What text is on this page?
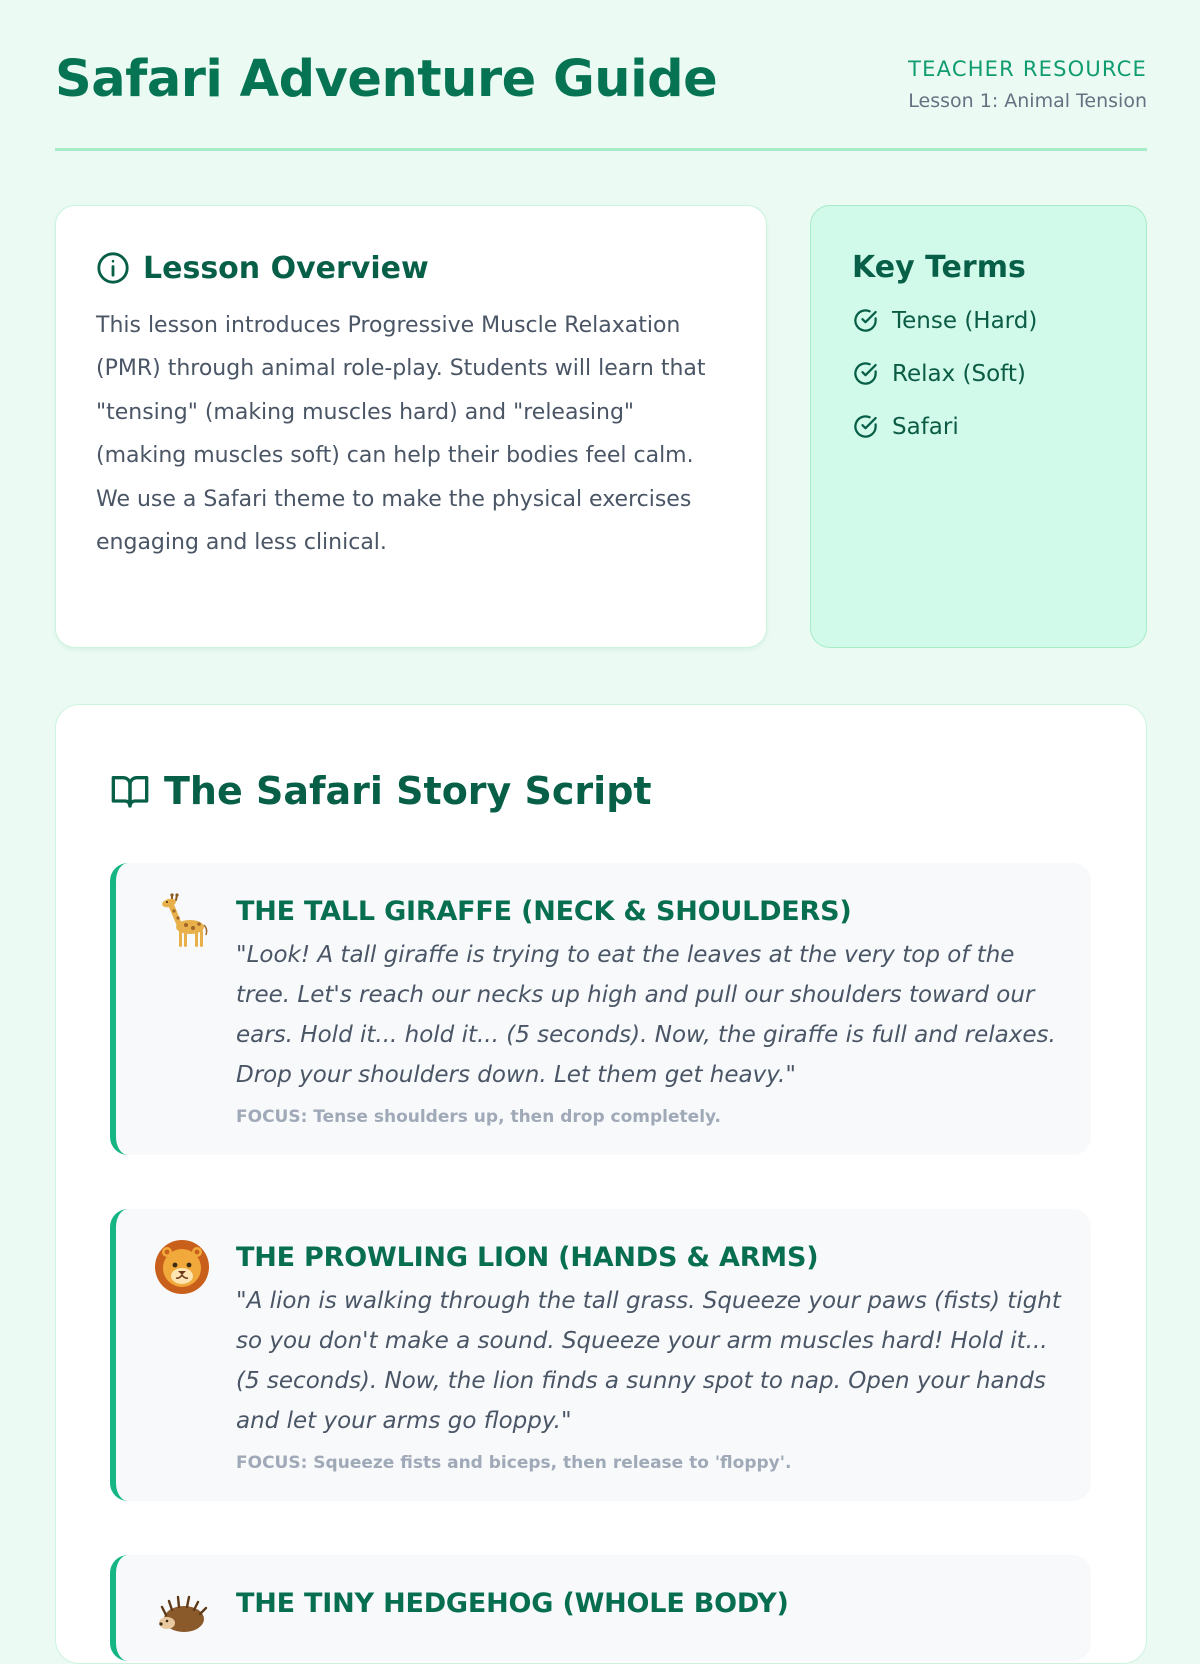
Safari Adventure Guide	TEACHER RESOURCE
Lesson 1: Animal Tension
Lesson Overview
This lesson introduces Progressive Muscle Relaxation (PMR) through animal role-play. Students will learn that "tensing" (making muscles hard) and "releasing" (making muscles soft) can help their bodies feel calm. We use a Safari theme to make the physical exercises engaging and less clinical.
Key Terms
Tense (Hard)
Relax (Soft)
Safari
The Safari Story Script
THE TALL GIRAFFE (NECK & SHOULDERS)
"Look! A tall giraffe is trying to eat the leaves at the very top of the tree. Let's reach our necks up high and pull our shoulders toward our ears. Hold it... hold it... (5 seconds). Now, the giraffe is full and relaxes. Drop your shoulders down. Let them get heavy."
FOCUS: Tense shoulders up, then drop completely.
THE PROWLING LION (HANDS & ARMS)
"A lion is walking through the tall grass. Squeeze your paws (fists) tight so you don't make a sound. Squeeze your arm muscles hard! Hold it... (5 seconds). Now, the lion finds a sunny spot to nap. Open your hands and let your arms go floppy."
FOCUS: Squeeze fists and biceps, then release to 'floppy'.
THE TINY HEDGEHOG (WHOLE BODY)
